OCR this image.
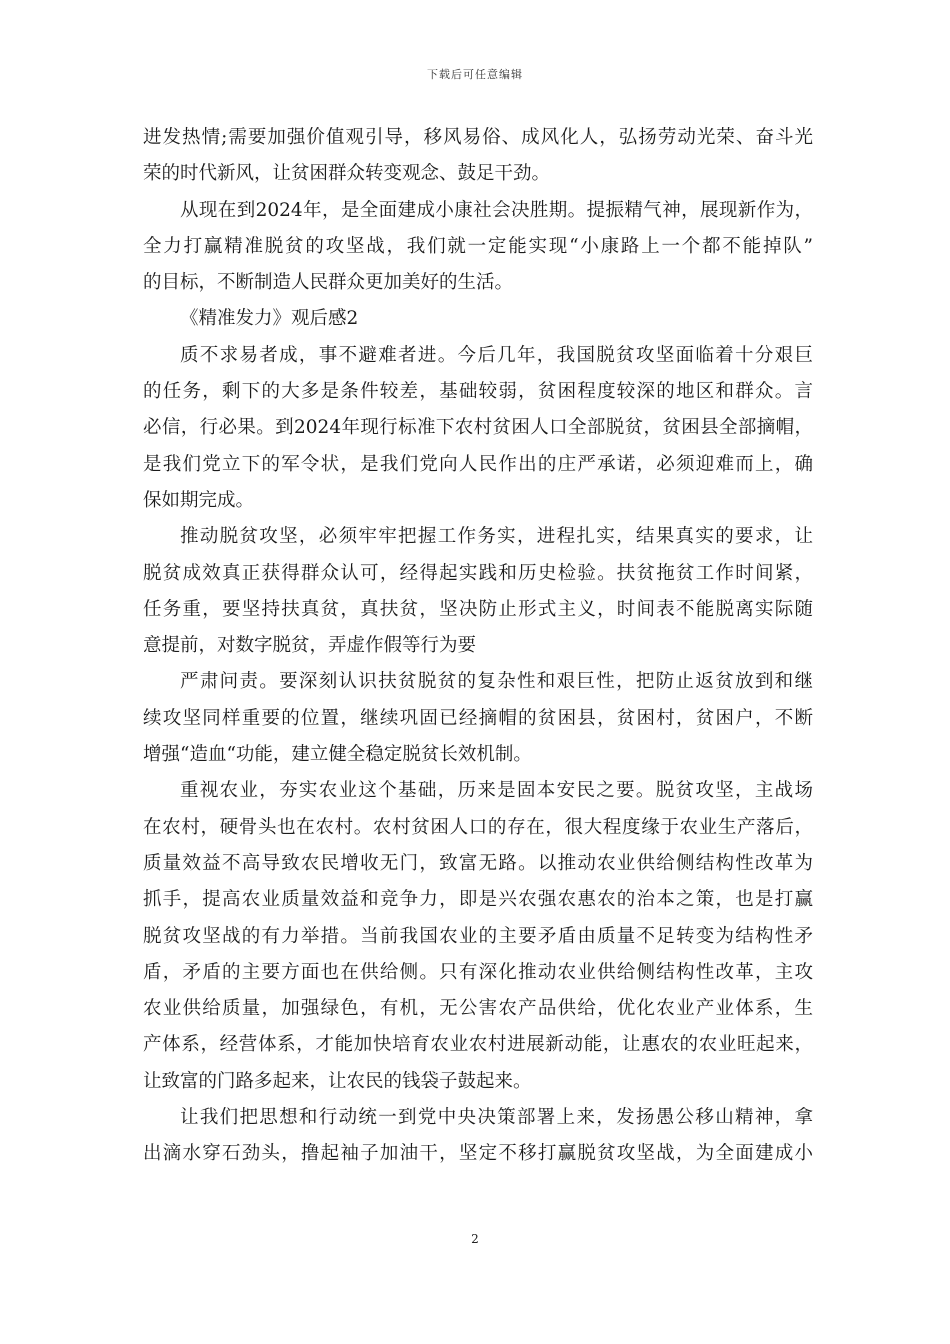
下载后可任意编辑
进发热情;需要加强价值观引导，移风易俗、成风化人，弘扬劳动光荣、奋斗光
荣的时代新风，让贫困群众转变观念、鼓足干劲。
从现在到2024年，是全面建成小康社会决胜期。提振精气神，展现新作为，
全力打赢精准脱贫的攻坚战，我们就一定能实现“小康路上一个都不能掉队”
的目标，不断制造人民群众更加美好的生活。
《精准发力》观后感2
质不求易者成，事不避难者进。今后几年，我国脱贫攻坚面临着十分艰巨
的任务，剩下的大多是条件较差，基础较弱，贫困程度较深的地区和群众。言
必信，行必果。到2024年现行标准下农村贫困人口全部脱贫，贫困县全部摘帽，
是我们党立下的军令状，是我们党向人民作出的庄严承诺，必须迎难而上，确
保如期完成。
推动脱贫攻坚，必须牢牢把握工作务实，进程扎实，结果真实的要求，让
脱贫成效真正获得群众认可，经得起实践和历史检验。扶贫拖贫工作时间紧，
任务重，要坚持扶真贫，真扶贫，坚决防止形式主义，时间表不能脱离实际随
意提前，对数字脱贫，弄虚作假等行为要
严肃问责。要深刻认识扶贫脱贫的复杂性和艰巨性，把防止返贫放到和继
续攻坚同样重要的位置，继续巩固已经摘帽的贫困县，贫困村，贫困户，不断
增强“造血“功能，建立健全稳定脱贫长效机制。
重视农业，夯实农业这个基础，历来是固本安民之要。脱贫攻坚，主战场
在农村，硬骨头也在农村。农村贫困人口的存在，很大程度缘于农业生产落后，
质量效益不高导致农民增收无门，致富无路。以推动农业供给侧结构性改革为
抓手，提高农业质量效益和竞争力，即是兴农强农惠农的治本之策，也是打赢
脱贫攻坚战的有力举措。当前我国农业的主要矛盾由质量不足转变为结构性矛
盾，矛盾的主要方面也在供给侧。只有深化推动农业供给侧结构性改革，主攻
农业供给质量，加强绿色，有机，无公害农产品供给，优化农业产业体系，生
产体系，经营体系，才能加快培育农业农村进展新动能，让惠农的农业旺起来，
让致富的门路多起来，让农民的钱袋子鼓起来。
让我们把思想和行动统一到党中央决策部署上来，发扬愚公移山精神，拿
出滴水穿石劲头，撸起袖子加油干，坚定不移打赢脱贫攻坚战，为全面建成小
2
